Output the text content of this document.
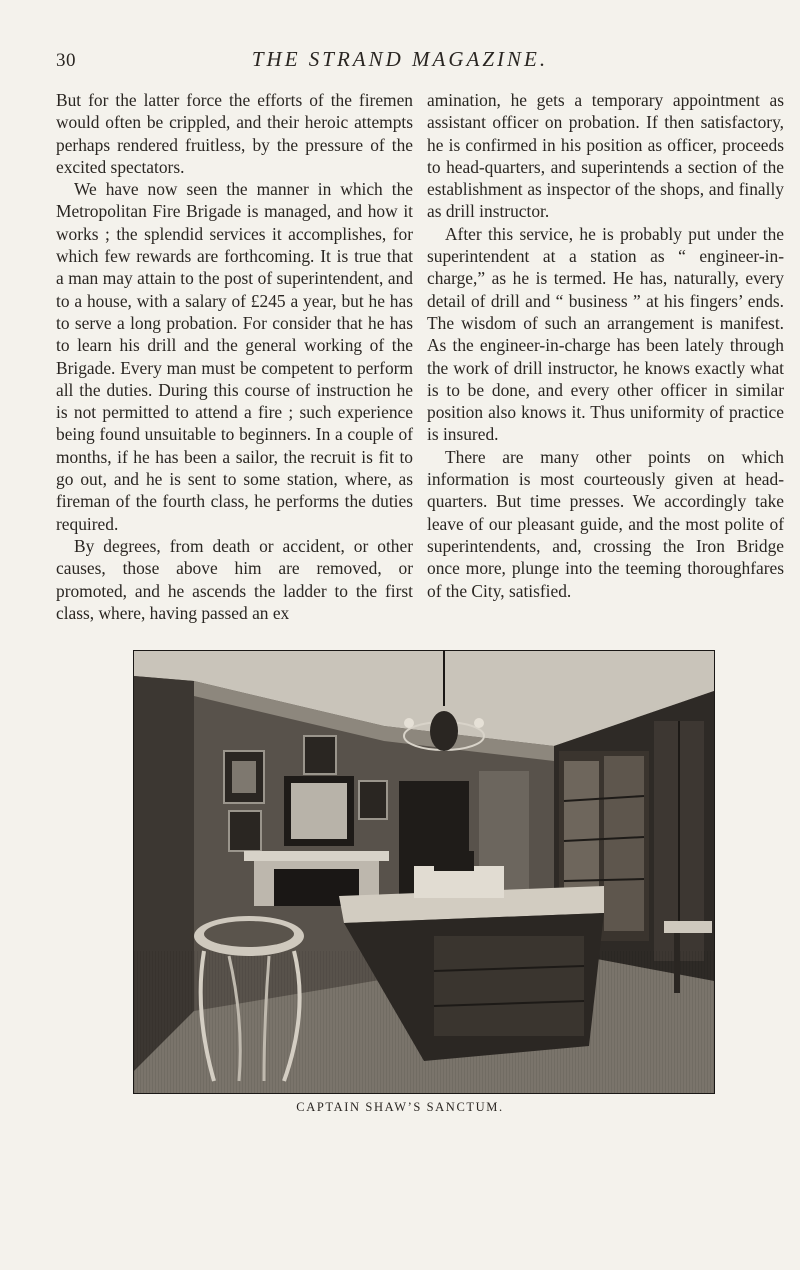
30	THE STRAND MAGAZINE.

But for the latter force the efforts of the firemen would often be crippled, and their heroic attempts perhaps rendered fruitless, by the pressure of the excited spectators.

We have now seen the manner in which the Metropolitan Fire Brigade is managed, and how it works ; the splendid services it accomplishes, for which few rewards are forthcoming. It is true that a man may attain to the post of superintendent, and to a house, with a salary of £245 a year, but he has to serve a long probation. For consider that he has to learn his drill and the general working of the Brigade. Every man must be competent to perform all the duties. During this course of instruction he is not permitted to attend a fire ; such experience being found unsuitable to beginners. In a couple of months, if he has been a sailor, the recruit is fit to go out, and he is sent to some station, where, as fireman of the fourth class, he performs the duties required.

By degrees, from death or accident, or other causes, those above him are removed, or promoted, and he ascends the ladder to the first class, where, having passed an ex

amination, he gets a temporary appointment as assistant officer on probation. If then satisfactory, he is confirmed in his position as officer, proceeds to head-quarters, and superintends a section of the establishment as inspector of the shops, and finally as drill instructor.

After this service, he is probably put under the superintendent at a station as “ engineer-in-charge,” as he is termed. He has, naturally, every detail of drill and “ business ” at his fingers’ ends. The wisdom of such an arrangement is manifest. As the engineer-in-charge has been lately through the work of drill instructor, he knows exactly what is to be done, and every other officer in similar position also knows it. Thus uniformity of practice is insured.

There are many other points on which information is most courteously given at head-quarters. But time presses. We accordingly take leave of our pleasant guide, and the most polite of superintendents, and, crossing the Iron Bridge once more, plunge into the teeming thoroughfares of the City, satisfied.

CAPTAIN SHAW’S SANCTUM.
